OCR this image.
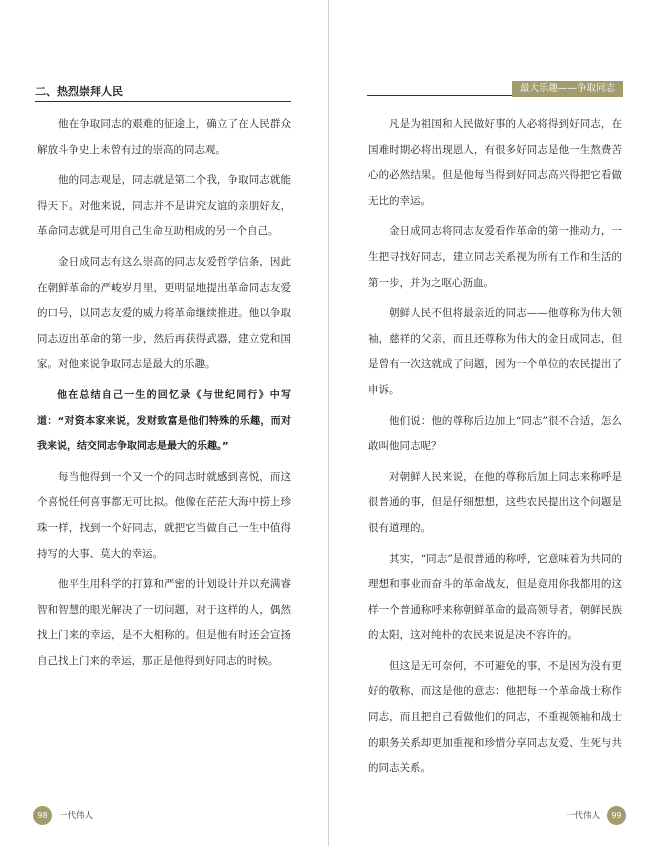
二、热烈崇拜人民

他在争取同志的艰难的征途上，确立了在人民群众解放斗争史上未曾有过的崇高的同志观。

他的同志观是，同志就是第二个我，争取同志就能得天下。对他来说，同志并不是讲究友谊的亲朋好友，革命同志就是可用自己生命互助相成的另一个自己。

金日成同志有这么崇高的同志友爱哲学信条，因此在朝鲜革命的严峻岁月里，更明显地提出革命同志友爱的口号，以同志友爱的威力将革命继续推进。他以争取同志迈出革命的第一步，然后再获得武器，建立党和国家。对他来说争取同志是最大的乐趣。

他在总结自己一生的回忆录《与世纪同行》中写道：“对资本家来说，发财致富是他们特殊的乐趣，而对我来说，结交同志争取同志是最大的乐趣。”

每当他得到一个又一个的同志时就感到喜悦，而这个喜悦任何喜事都无可比拟。他像在茫茫大海中捞上珍珠一样，找到一个好同志，就把它当做自己一生中值得持写的大事、莫大的幸运。

他平生用科学的打算和严密的计划设计并以充满睿智和智慧的眼光解决了一切问题，对于这样的人，偶然找上门来的幸运，是不大相称的。但是他有时还会宣扬自己找上门来的幸运，那正是他得到好同志的时候。

98	一代伟人
最大乐趣——争取同志

凡是为祖国和人民做好事的人必将得到好同志，在国难时期必将出现恩人，有很多好同志是他一生熬费苦心的必然结果。但是他每当得到好同志高兴得把它看做无比的幸运。

金日成同志将同志友爱看作革命的第一推动力，一生把寻找好同志，建立同志关系视为所有工作和生活的第一步，并为之呕心沥血。

朝鲜人民不但将最亲近的同志——他尊称为伟大领袖，慈祥的父亲，而且还尊称为伟大的金日成同志，但是曾有一次这就成了问题，因为一个单位的农民提出了申诉。

他们说：他的尊称后边加上“同志”很不合适，怎么敢叫他同志呢？

对朝鲜人民来说，在他的尊称后加上同志来称呼是很普通的事，但是仔细想想，这些农民提出这个问题是很有道理的。

其实，“同志”是很普通的称呼，它意味着为共同的理想和事业而奋斗的革命战友，但是竟用你我都用的这样一个普通称呼来称朝鲜革命的最高领导者，朝鲜民族的太阳，这对纯朴的农民来说是决不容许的。

但这是无可奈何，不可避免的事，不是因为没有更好的敬称，而这是他的意志：他把每一个革命战士称作同志，而且把自己看做他们的同志，不重视领袖和战士的职务关系却更加重视和珍惜分享同志友爱、生死与共的同志关系。

一代伟人	99
